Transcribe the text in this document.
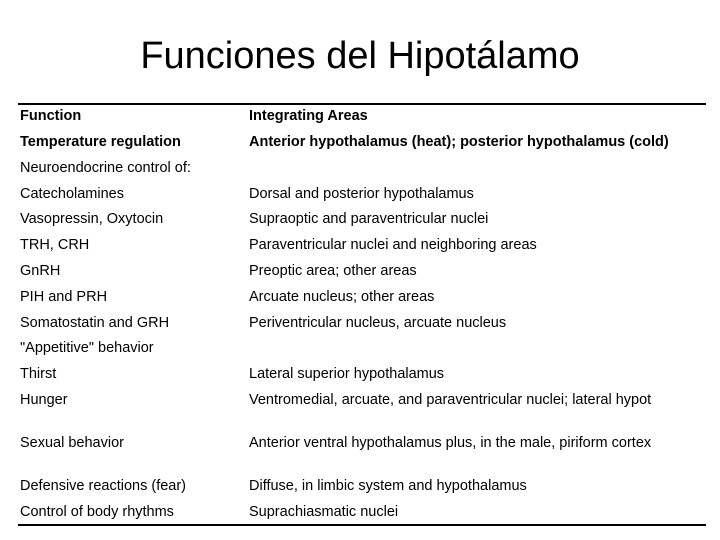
Funciones del Hipotálamo
Function	Integrating Areas
Temperature regulation	Anterior hypothalamus (heat); posterior hypothalamus (cold)
Neuroendocrine control of:
Catecholamines	Dorsal and posterior hypothalamus
Vasopressin, Oxytocin	Supraoptic and paraventricular nuclei
TRH, CRH	Paraventricular nuclei and neighboring areas
GnRH	Preoptic area; other areas
PIH and PRH	Arcuate nucleus; other areas
Somatostatin and GRH	Periventricular nucleus, arcuate nucleus
"Appetitive" behavior
Thirst	Lateral superior hypothalamus
Hunger	Ventromedial, arcuate, and paraventricular nuclei; lateral hypot
Sexual behavior	Anterior ventral hypothalamus plus, in the male, piriform cortex
Defensive reactions (fear)	Diffuse, in limbic system and hypothalamus
Control of body rhythms	Suprachiasmatic nuclei
